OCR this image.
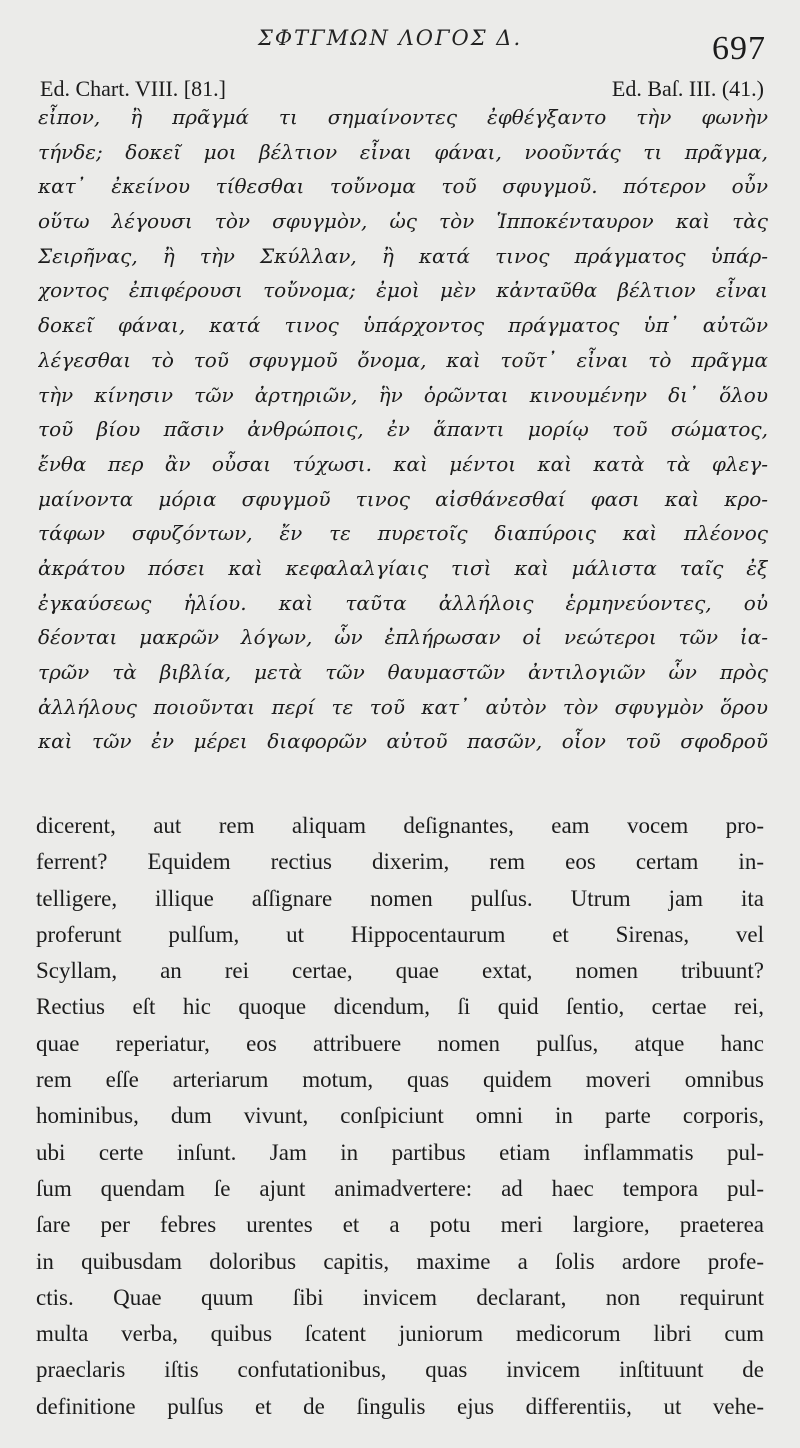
ΣΦΤΓΜΩΝ ΛΟΓΟΣ Δ.	697
Ed. Chart. VIII. [81.]	Ed. Baſ. III. (41.)
εἶπον, ἢ πρᾶγμά τι σημαίνοντες ἐφθέγξαντο τὴν φωνὴν
τήνδε; δοκεῖ μοι βέλτιον εἶναι φάναι, νοοῦντάς τι πρᾶγμα,
κατ᾽ ἐκείνου τίθεσθαι τοὔνομα τοῦ σφυγμοῦ. πότερον οὖν
οὕτω λέγουσι τὸν σφυγμὸν, ὡς τὸν Ἱπποκένταυρον καὶ τὰς
Σειρῆνας, ἢ τὴν Σκύλλαν, ἢ κατά τινος πράγματος ὑπάρ-
χοντος ἐπιφέρουσι τοὔνομα; ἐμοὶ μὲν κἀνταῦθα βέλτιον εἶναι
δοκεῖ φάναι, κατά τινος ὑπάρχοντος πράγματος ὑπ᾽ αὐτῶν
λέγεσθαι τὸ τοῦ σφυγμοῦ ὄνομα, καὶ τοῦτ᾽ εἶναι τὸ πρᾶγμα
τὴν κίνησιν τῶν ἀρτηριῶν, ἣν ὁρῶνται κινουμένην δι᾽ ὅλου
τοῦ βίου πᾶσιν ἀνθρώποις, ἐν ἅπαντι μορίῳ τοῦ σώματος,
ἔνθα περ ἂν οὖσαι τύχωσι. καὶ μέντοι καὶ κατὰ τὰ φλεγ-
μαίνοντα μόρια σφυγμοῦ τινος αἰσθάνεσθαί φασι καὶ κρο-
τάφων σφυζόντων, ἔν τε πυρετοῖς διαπύροις καὶ πλέονος
ἀκράτου πόσει καὶ κεφαλαλγίαις τισὶ καὶ μάλιστα ταῖς ἐξ
ἐγκαύσεως ἡλίου. καὶ ταῦτα ἀλλήλοις ἑρμηνεύοντες, οὐ
δέονται μακρῶν λόγων, ὧν ἐπλήρωσαν οἱ νεώτεροι τῶν ἰα-
τρῶν τὰ βιβλία, μετὰ τῶν θαυμαστῶν ἀντιλογιῶν ὧν πρὸς
ἀλλήλους ποιοῦνται περί τε τοῦ κατ᾽ αὐτὸν τὸν σφυγμὸν ὅρου
καὶ τῶν ἐν μέρει διαφορῶν αὐτοῦ πασῶν, οἷον τοῦ σφοδροῦ
dicerent, aut rem aliquam deſignantes, eam vocem pro-
ferrent? Equidem rectius dixerim, rem eos certam in-
telligere, illique aſſignare nomen pulſus. Utrum jam ita
proferunt pulſum, ut Hippocentaurum et Sirenas, vel
Scyllam, an rei certae, quae extat, nomen tribuunt?
Rectius eſt hic quoque dicendum, ſi quid ſentio, certae rei,
quae reperiatur, eos attribuere nomen pulſus, atque hanc
rem eſſe arteriarum motum, quas quidem moveri omnibus
hominibus, dum vivunt, conſpiciunt omni in parte corporis,
ubi certe inſunt. Jam in partibus etiam inflammatis pul-
ſum quendam ſe ajunt animadvertere: ad haec tempora pul-
ſare per febres urentes et a potu meri largiore, praeterea
in quibusdam doloribus capitis, maxime a ſolis ardore profe-
ctis. Quae quum ſibi invicem declarant, non requirunt
multa verba, quibus ſcatent juniorum medicorum libri cum
praeclaris iſtis confutationibus, quas invicem inſtituunt de
definitione pulſus et de ſingulis ejus differentiis, ut vehe-
